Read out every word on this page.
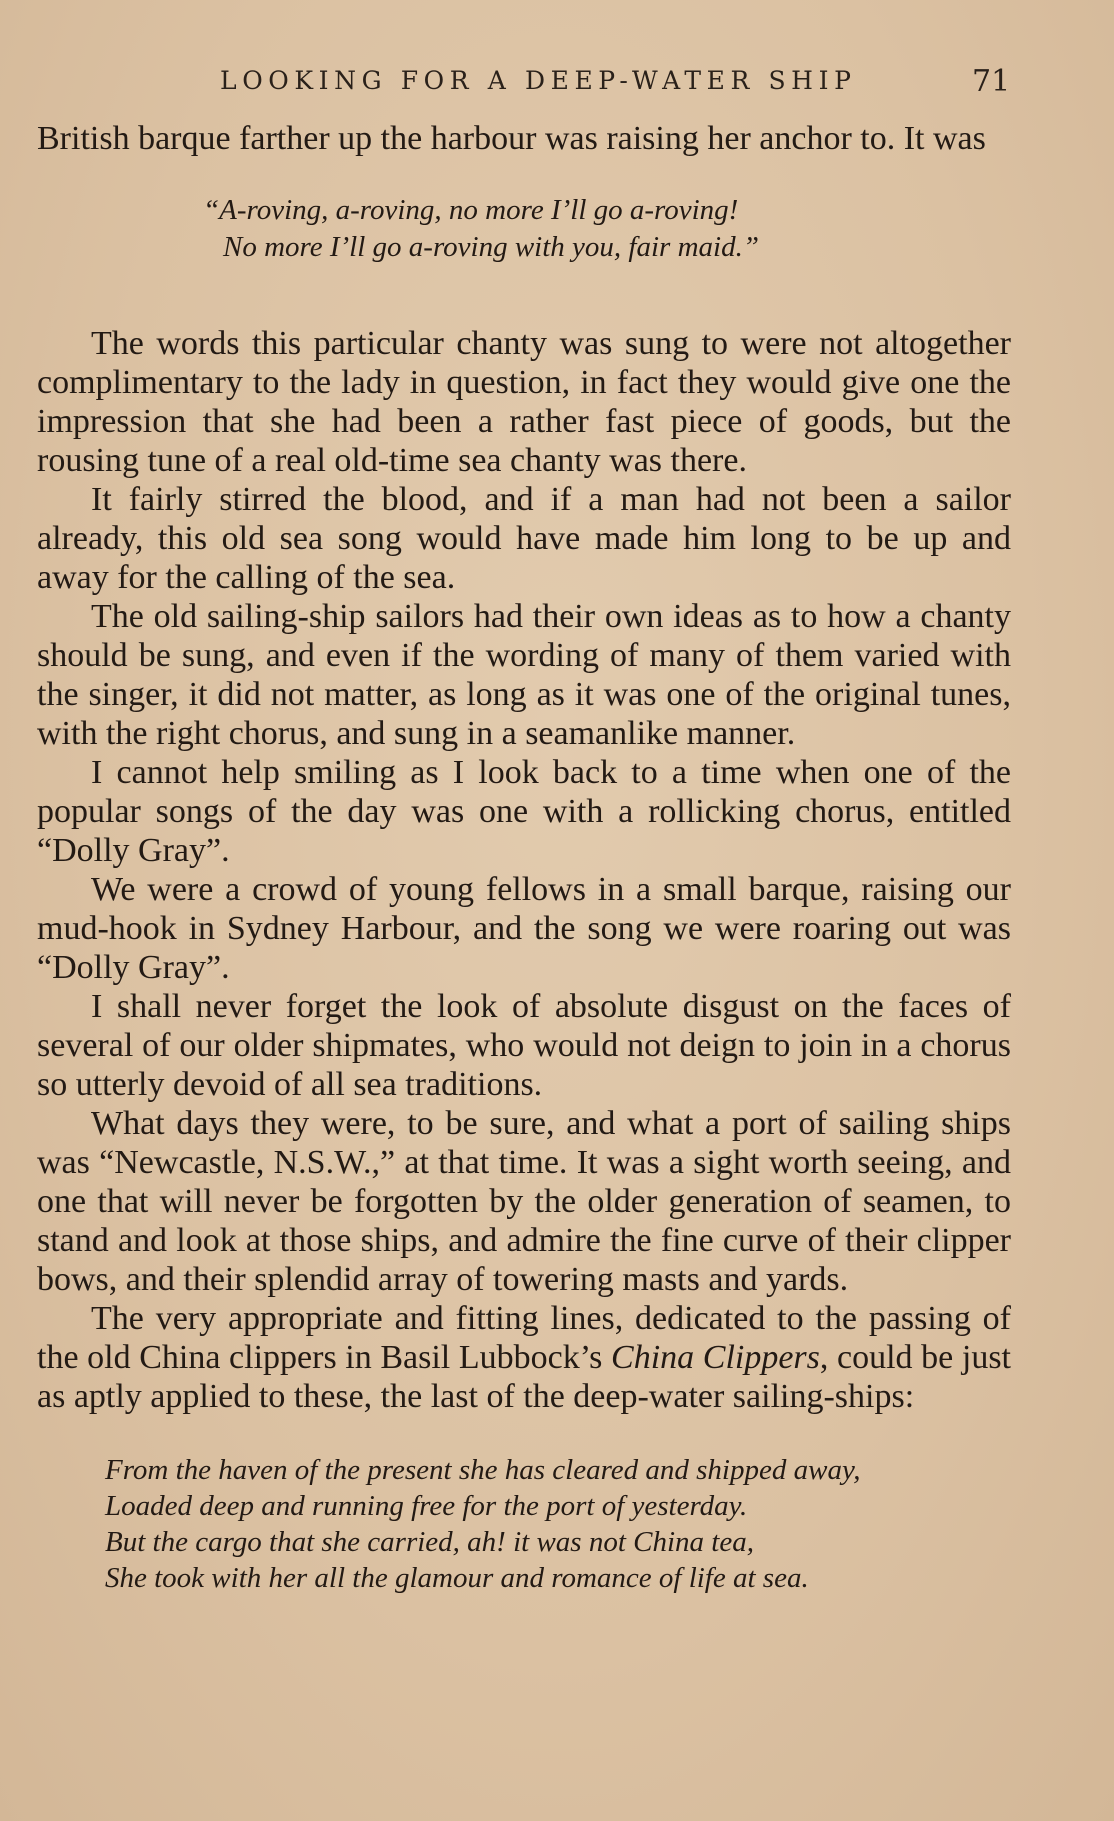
LOOKING FOR A DEEP-WATER SHIP	71

British barque farther up the harbour was raising her anchor to. It was

“A-roving, a-roving, no more I’ll go a-roving!
No more I’ll go a-roving with you, fair maid.”

The words this particular chanty was sung to were not altogether complimentary to the lady in question, in fact they would give one the impression that she had been a rather fast piece of goods, but the rousing tune of a real old-time sea chanty was there.

It fairly stirred the blood, and if a man had not been a sailor already, this old sea song would have made him long to be up and away for the calling of the sea.

The old sailing-ship sailors had their own ideas as to how a chanty should be sung, and even if the wording of many of them varied with the singer, it did not matter, as long as it was one of the original tunes, with the right chorus, and sung in a seamanlike manner.

I cannot help smiling as I look back to a time when one of the popular songs of the day was one with a rollicking chorus, entitled “Dolly Gray”.

We were a crowd of young fellows in a small barque, raising our mud-hook in Sydney Harbour, and the song we were roaring out was “Dolly Gray”.

I shall never forget the look of absolute disgust on the faces of several of our older shipmates, who would not deign to join in a chorus so utterly devoid of all sea traditions.

What days they were, to be sure, and what a port of sailing ships was “Newcastle, N.S.W.,” at that time. It was a sight worth seeing, and one that will never be forgotten by the older generation of seamen, to stand and look at those ships, and admire the fine curve of their clipper bows, and their splendid array of towering masts and yards.

The very appropriate and fitting lines, dedicated to the passing of the old China clippers in Basil Lubbock’s China Clippers, could be just as aptly applied to these, the last of the deep-water sailing-ships:

From the haven of the present she has cleared and shipped away,
Loaded deep and running free for the port of yesterday.
But the cargo that she carried, ah! it was not China tea,
She took with her all the glamour and romance of life at sea.
